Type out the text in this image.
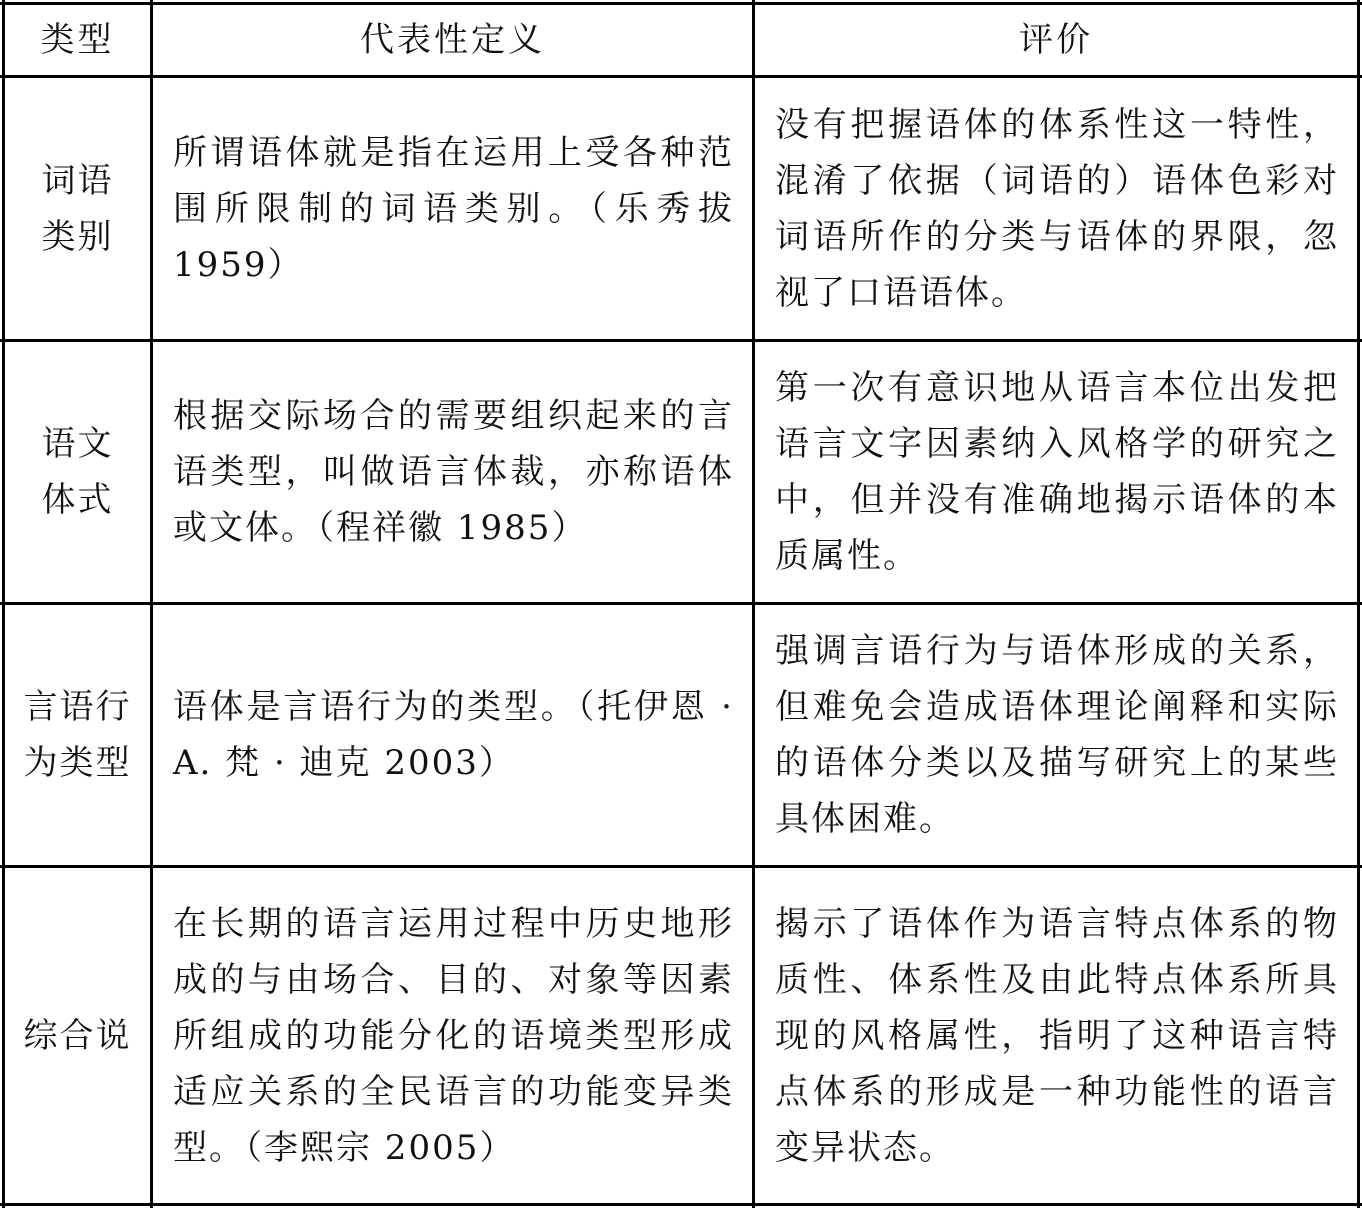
类型	代表性定义	评价
词语
类别
所谓语体就是指在运用上受各种范围所限制的词语类别。（乐秀拔 1959）
没有把握语体的体系性这一特性，混淆了依据（词语的）语体色彩对词语所作的分类与语体的界限，忽视了口语语体。
语文
体式
根据交际场合的需要组织起来的言语类型，叫做语言体裁，亦称语体或文体。（程祥徽 1985）
第一次有意识地从语言本位出发把语言文字因素纳入风格学的研究之中，但并没有准确地揭示语体的本质属性。
言语行
为类型
语体是言语行为的类型。（托伊恩 · A. 梵 · 迪克 2003）
强调言语行为与语体形成的关系，但难免会造成语体理论阐释和实际的语体分类以及描写研究上的某些具体困难。
综合说
在长期的语言运用过程中历史地形成的与由场合、目的、对象等因素所组成的功能分化的语境类型形成适应关系的全民语言的功能变异类型。（李熙宗 2005）
揭示了语体作为语言特点体系的物质性、体系性及由此特点体系所具现的风格属性，指明了这种语言特点体系的形成是一种功能性的语言变异状态。
